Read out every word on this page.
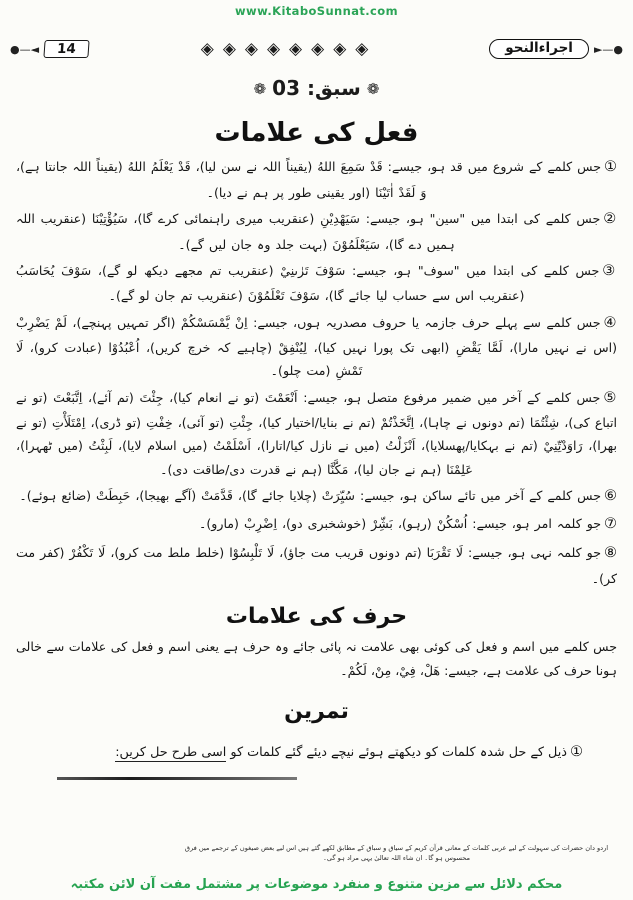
www.KitaboSunnat.com
●—◄	14	◈◈◈◈◈◈◈◈	اجراءالنحو	►—●
❁سبق: 03❁
فعل کی علامات

①جس کلمے کے شروع میں قد ہو، جیسے: قَدْ سَمِعَ اللهُ (یقیناً اللہ نے سن لیا)، قَدْ يَعْلَمُ اللهُ (یقیناً اللہ جانتا ہے)، وَ لَقَدْ اٰتَيْنَا (اور یقینی طور پر ہم نے دیا)۔

②جس کلمے کی ابتدا میں "سین" ہو، جیسے: سَيَهْدِيْنِ (عنقریب میری راہنمائی کرے گا)، سَيُؤْتِيْنَا (عنقریب اللہ ہمیں دے گا)، سَيَعْلَمُوْنَ (بہت جلد وہ جان لیں گے)۔

③جس کلمے کی ابتدا میں "سوف" ہو، جیسے: سَوْفَ تَرٰىنِيْ (عنقریب تم مجھے دیکھ لو گے)، سَوْفَ يُحَاسَبُ (عنقریب اس سے حساب لیا جائے گا)، سَوْفَ تَعْلَمُوْنَ (عنقریب تم جان لو گے)۔

④جس کلمے سے پہلے حرف جازمہ یا حروف مصدریہ ہوں، جیسے: اِنْ يَّمْسَسْكُمْ (اگر تمہیں پہنچے)، لَمْ يَضْرِبْ (اس نے نہیں مارا)، لَمَّا يَقْضِ (ابھی تک پورا نہیں کیا)، لِيُنْفِقْ (چاہیے کہ خرچ کریں)، اُعْبُدُوْا (عبادت کرو)، لَا تَمْشِ (مت چلو)۔

⑤جس کلمے کے آخر میں ضمیر مرفوع متصل ہو، جیسے: اَنْعَمْتَ (تو نے انعام کیا)، جِئْتَ (تم آئے)، اِتَّبَعْتَ (تو نے اتباع کی)، شِئْتُمَا (تم دونوں نے چاہا)، اِتَّخَذْتُمْ (تم نے بنایا/اختیار کیا)، جِئْتِ (تو آئی)، خِفْتِ (تو ڈری)، اِمْتَلَأْتِ (تو نے بھرا)، رَاوَدْتِّنِيْ (تم نے بہکایا/پھسلایا)، اَنْزَلْتُ (میں نے نازل کیا/اتارا)، اَسْلَمْتُ (میں اسلام لایا)، لَبِثْتُ (میں ٹھہرا)، عَلِمْنَا (ہم نے جان لیا)، مَكَّنَّا (ہم نے قدرت دی/طاقت دی)۔

⑥جس کلمے کے آخر میں تائے ساکن ہو، جیسے: سُيِّرَتْ (چلایا جائے گا)، قَدَّمَتْ (آگے بھیجا)، حَبِطَتْ (ضائع ہوئے)۔

⑦جو کلمہ امر ہو، جیسے: اُسْكُنْ (رہو)، بَشِّرْ (خوشخبری دو)، اِضْرِبْ (مارو)۔

⑧جو کلمہ نہی ہو، جیسے: لَا تَقْرَبَا (تم دونوں قریب مت جاؤ)، لَا تَلْبِسُوْا (خلط ملط مت کرو)، لَا تَكْفُرْ (کفر مت کر)۔

حرف کی علامات

جس کلمے میں اسم و فعل کی کوئی بھی علامت نہ پائی جائے وہ حرف ہے یعنی اسم و فعل کی علامات سے خالی ہونا حرف کی علامت ہے، جیسے: هَلْ، فِيْ، مِنْ، لَكُمْ۔

تمرین

①ذیل کے حل شدہ کلمات کو دیکھتے ہوئے نیچے دیئے گئے کلمات کو اسی طرح حل کریں:

اردو دان حضرات کی سہولت کے لیے عربی کلمات کے معانی قرآن کریم کے سیاق و سباق کے مطابق لکھے گئے ہیں اس لیے بعض صیغوں کے ترجمے میں فرق محسوس ہو گا۔ ان شاء اللہ تعالیٰ یہی مراد ہو گی۔
محکم دلائل سے مزین متنوع و منفرد موضوعات پر مشتمل مفت آن لائن مکتبہ
